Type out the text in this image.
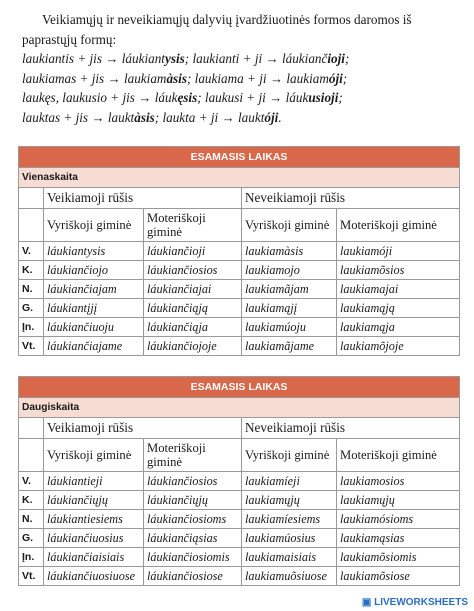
Veikiamųjų ir neveikiamųjų dalyvių įvardžiuotinės formos daromos iš paprastųjų formų:

laukiantis + jis → láukiantysis; laukianti + ji → láukiančioji;

laukiamas + jis → laukiamàsis; laukiama + ji → laukiamóji;

laukęs, laukusio + jis → láukęsis; laukusi + ji → láukusioji;

lauktas + jis → lauktàsis; laukta + ji → lauktóji.

ESAMASIS LAIKAS				
Vienaskaita				
	Veikiamoji rūšis		Neveikiamoji rūšis	
	Vyriškoji giminė	Moteriškoji giminė	Vyriškoji giminė	Moteriškoji giminė
V.	láukiantysis	láukiančioji	laukiamàsis	laukiamóji
K.	láukiančiojo	láukiančiosios	laukiamojo	laukiamõsios
N.	láukiančiajam	láukiančiajai	laukiamãjam	laukiamajai
G.	láukiantįjį	láukiančiąją	laukiamąjį	laukiamąją
Įn.	láukiančiuoju	láukiančiąja	laukiamúoju	laukiamąja
Vt.	láukiančiajame	láukiančiojoje	laukiamãjame	laukiamõjoje
ESAMASIS LAIKAS				
Daugiskaita				
	Veikiamoji rūšis		Neveikiamoji rūšis	
	Vyriškoji giminė	Moteriškoji giminė	Vyriškoji giminė	Moteriškoji giminė
V.	láukiantieji	láukiančiosios	laukiamíeji	laukiamosios
K.	láukiančiųjų	láukiančiųjų	laukiamųjų	laukiamųjų
N.	láukiantiesiems	láukiančiosioms	laukiamíesiems	laukiamósioms
G.	láukiančiuosius	láukiančiąsias	laukiamúosius	laukiamąsias
Įn.	láukiančiaisiais	láukiančiosiomis	laukiamaisiais	laukiamõsiomis
Vt.	láukiančiuosiuose	láukiančiosiose	laukiamuõsiuose	laukiamõsiose
▣ LIVEWORKSHEETS
